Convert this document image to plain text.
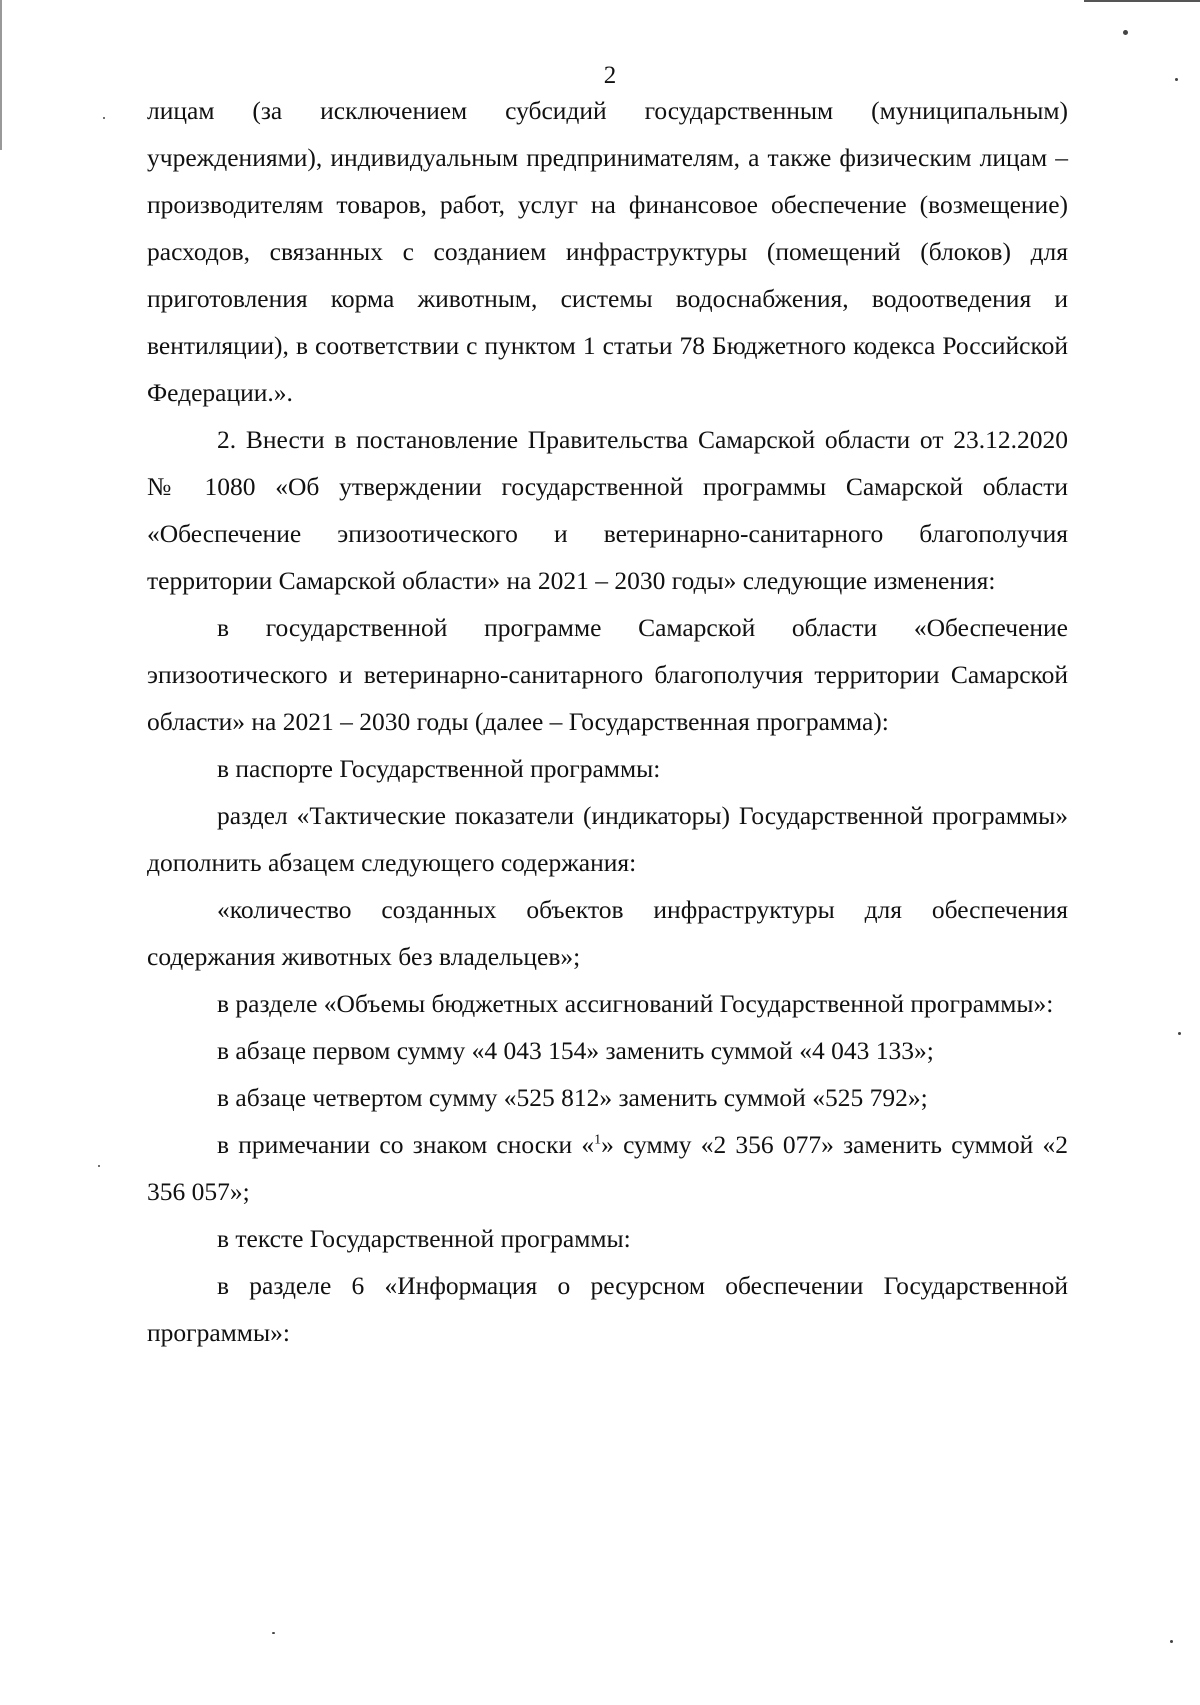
2

лицам (за исключением субсидий государственным (муниципальным) учреждениями), индивидуальным предпринимателям, а также физическим лицам – производителям товаров, работ, услуг на финансовое обеспечение (возмещение) расходов, связанных с созданием инфраструктуры (помещений (блоков) для приготовления корма животным, системы водоснабжения, водоотведения и вентиляции), в соответствии с пунктом 1 статьи 78 Бюджетного кодекса Российской Федерации.».

2. Внести в постановление Правительства Самарской области от 23.12.2020 № 1080 «Об утверждении государственной программы Самарской области «Обеспечение эпизоотического и ветеринарно-санитарного благополучия территории Самарской области» на 2021 – 2030 годы» следующие изменения:

в государственной программе Самарской области «Обеспечение эпизоотического и ветеринарно-санитарного благополучия территории Самарской области» на 2021 – 2030 годы (далее – Государственная программа):

в паспорте Государственной программы:

раздел «Тактические показатели (индикаторы) Государственной программы» дополнить абзацем следующего содержания:

«количество созданных объектов инфраструктуры для обеспечения содержания животных без владельцев»;

в разделе «Объемы бюджетных ассигнований Государственной программы»:

в абзаце первом сумму «4 043 154» заменить суммой «4 043 133»;

в абзаце четвертом сумму «525 812» заменить суммой «525 792»;

в примечании со знаком сноски «$^1$» сумму «2 356 077» заменить суммой «2 356 057»;

в тексте Государственной программы:

в разделе 6 «Информация о ресурсном обеспечении Государственной программы»:
